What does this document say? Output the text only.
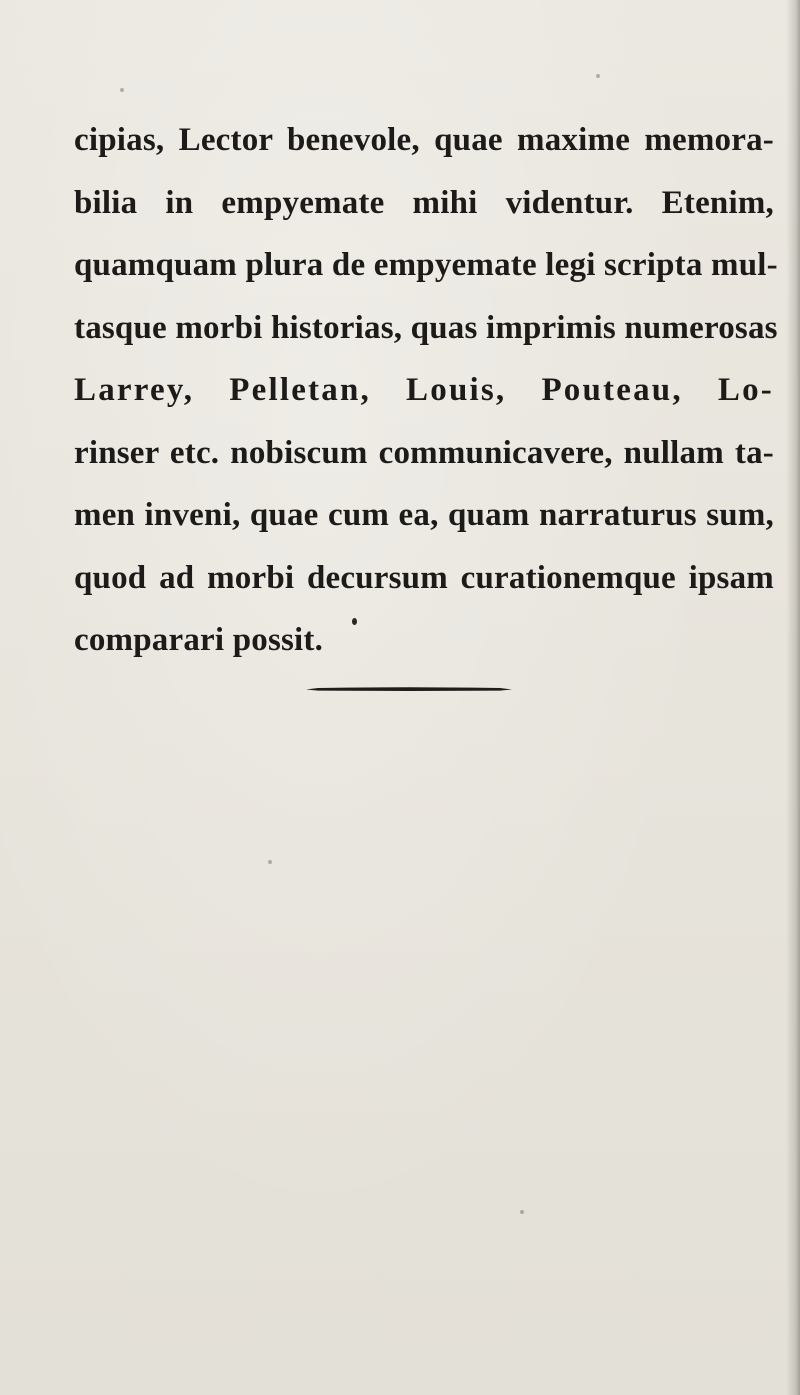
cipias, Lector benevole, quae maxime memora-
bilia in empyemate mihi videntur. Etenim,
quamquam plura de empyemate legi scripta mul-
tasque morbi historias, quas imprimis numerosas
Larrey, Pelletan, Louis, Pouteau, Lo-
rinser etc. nobiscum communicavere, nullam ta-
men inveni, quae cum ea, quam narraturus sum,
quod ad morbi decursum curationemque ipsam
comparari possit.
